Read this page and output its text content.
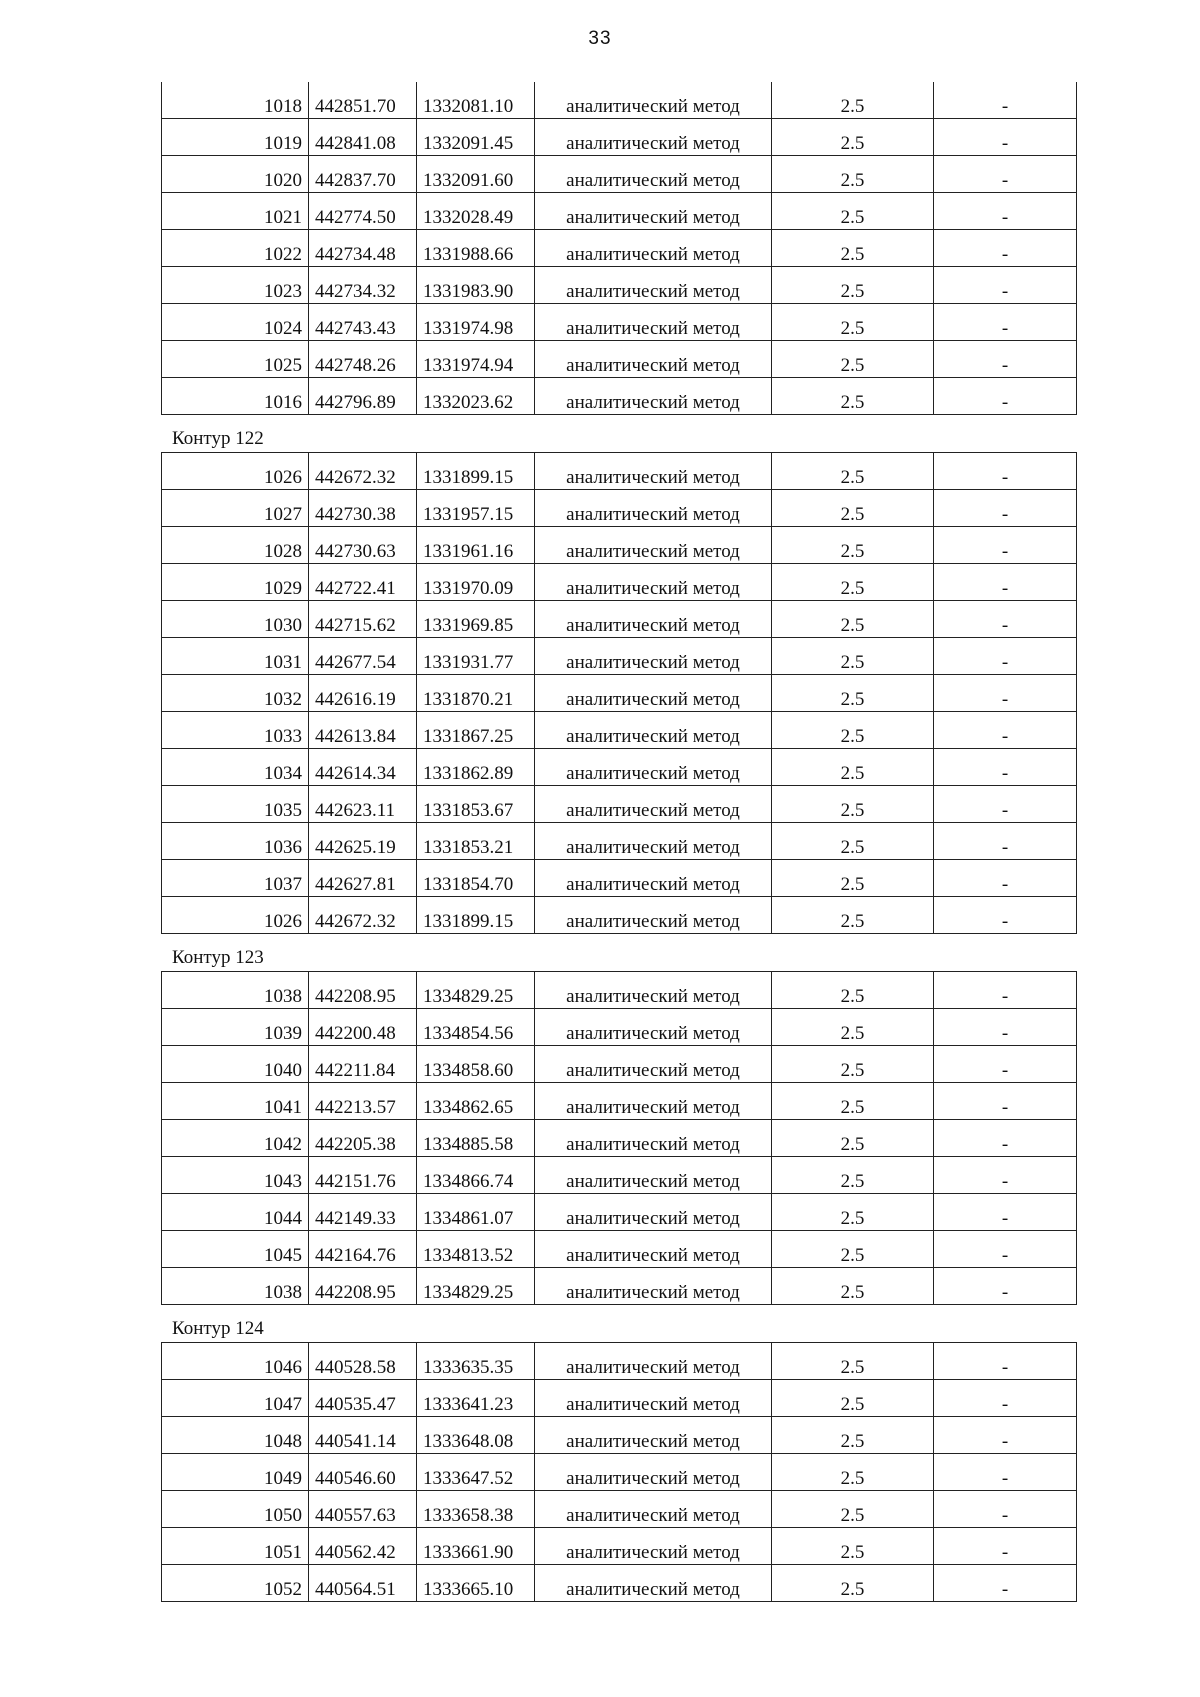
33
1018	442851.70	1332081.10	аналитический метод	2.5	-
1019	442841.08	1332091.45	аналитический метод	2.5	-
1020	442837.70	1332091.60	аналитический метод	2.5	-
1021	442774.50	1332028.49	аналитический метод	2.5	-
1022	442734.48	1331988.66	аналитический метод	2.5	-
1023	442734.32	1331983.90	аналитический метод	2.5	-
1024	442743.43	1331974.98	аналитический метод	2.5	-
1025	442748.26	1331974.94	аналитический метод	2.5	-
1016	442796.89	1332023.62	аналитический метод	2.5	-
Контур 122
1026	442672.32	1331899.15	аналитический метод	2.5	-
1027	442730.38	1331957.15	аналитический метод	2.5	-
1028	442730.63	1331961.16	аналитический метод	2.5	-
1029	442722.41	1331970.09	аналитический метод	2.5	-
1030	442715.62	1331969.85	аналитический метод	2.5	-
1031	442677.54	1331931.77	аналитический метод	2.5	-
1032	442616.19	1331870.21	аналитический метод	2.5	-
1033	442613.84	1331867.25	аналитический метод	2.5	-
1034	442614.34	1331862.89	аналитический метод	2.5	-
1035	442623.11	1331853.67	аналитический метод	2.5	-
1036	442625.19	1331853.21	аналитический метод	2.5	-
1037	442627.81	1331854.70	аналитический метод	2.5	-
1026	442672.32	1331899.15	аналитический метод	2.5	-
Контур 123
1038	442208.95	1334829.25	аналитический метод	2.5	-
1039	442200.48	1334854.56	аналитический метод	2.5	-
1040	442211.84	1334858.60	аналитический метод	2.5	-
1041	442213.57	1334862.65	аналитический метод	2.5	-
1042	442205.38	1334885.58	аналитический метод	2.5	-
1043	442151.76	1334866.74	аналитический метод	2.5	-
1044	442149.33	1334861.07	аналитический метод	2.5	-
1045	442164.76	1334813.52	аналитический метод	2.5	-
1038	442208.95	1334829.25	аналитический метод	2.5	-
Контур 124
1046	440528.58	1333635.35	аналитический метод	2.5	-
1047	440535.47	1333641.23	аналитический метод	2.5	-
1048	440541.14	1333648.08	аналитический метод	2.5	-
1049	440546.60	1333647.52	аналитический метод	2.5	-
1050	440557.63	1333658.38	аналитический метод	2.5	-
1051	440562.42	1333661.90	аналитический метод	2.5	-
1052	440564.51	1333665.10	аналитический метод	2.5	-
